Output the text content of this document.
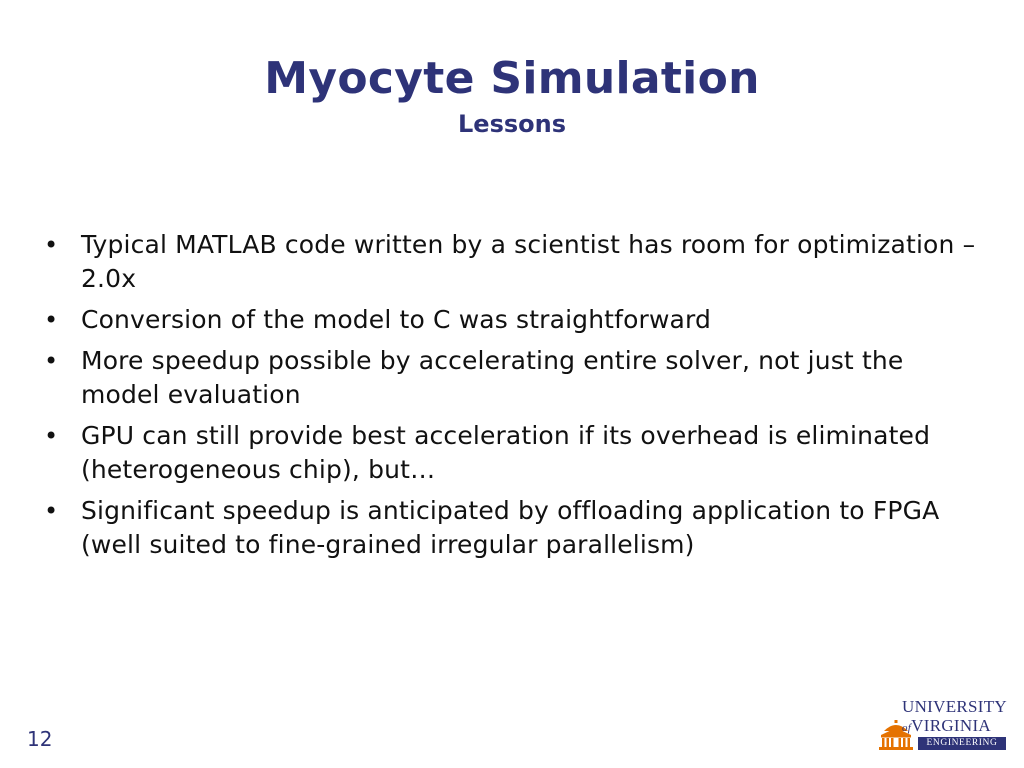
Myocyte Simulation
Lessons
• Typical MATLAB code written by a scientist has room for optimization – 2.0x
• Conversion of the model to C was straightforward
• More speedup possible by accelerating entire solver, not just the model evaluation
• GPU can still provide best acceleration if its overhead is eliminated (heterogeneous chip), but…
• Significant speedup is anticipated by offloading application to FPGA (well suited to fine-grained irregular parallelism)
12
UNIVERSITY
ofVIRGINIA
ENGINEERING
